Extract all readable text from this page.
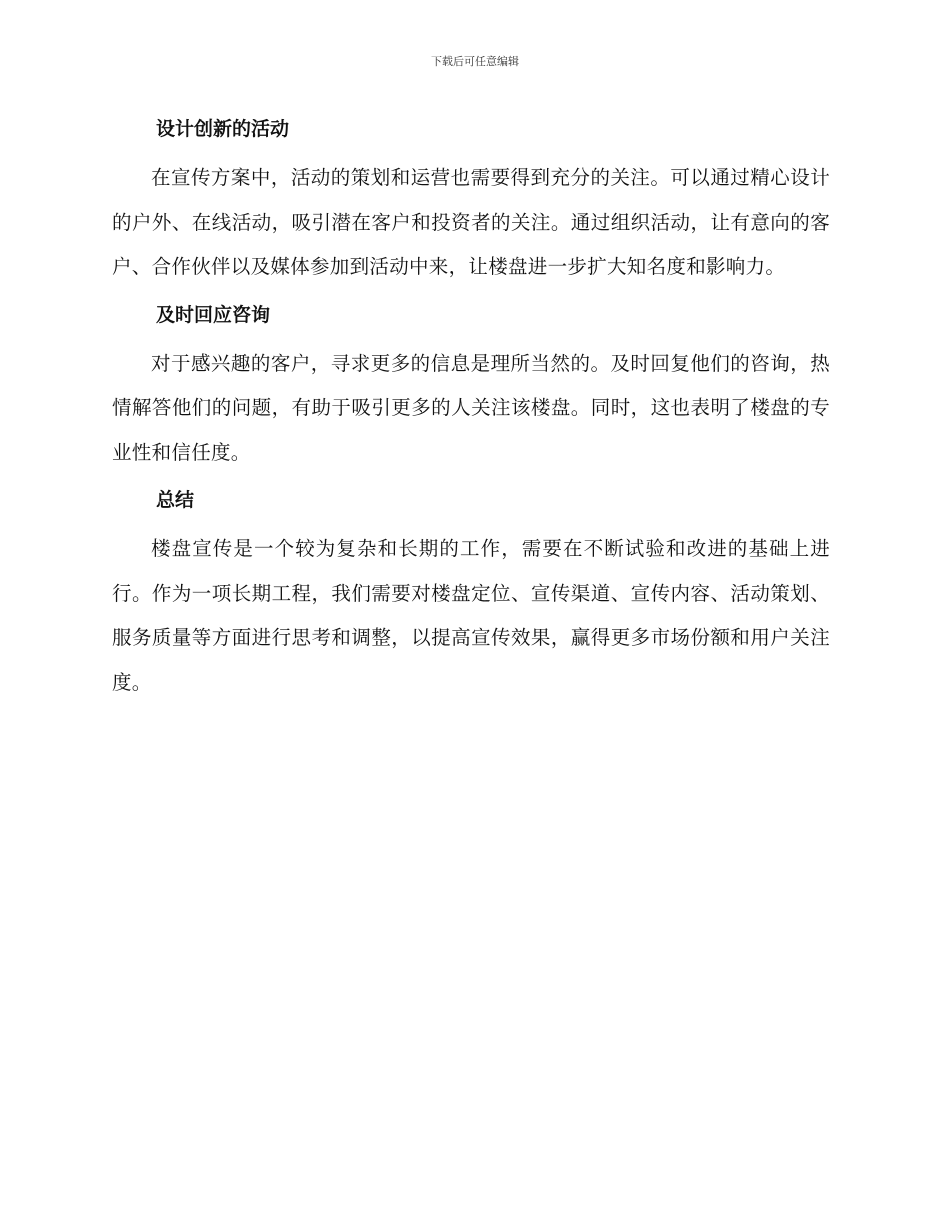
下载后可任意编辑
设计创新的活动

在宣传方案中，活动的策划和运营也需要得到充分的关注。可以通过精心设计的户外、在线活动，吸引潜在客户和投资者的关注。通过组织活动，让有意向的客户、合作伙伴以及媒体参加到活动中来，让楼盘进一步扩大知名度和影响力。

及时回应咨询

对于感兴趣的客户，寻求更多的信息是理所当然的。及时回复他们的咨询，热情解答他们的问题，有助于吸引更多的人关注该楼盘。同时，这也表明了楼盘的专业性和信任度。

总结

楼盘宣传是一个较为复杂和长期的工作，需要在不断试验和改进的基础上进行。作为一项长期工程，我们需要对楼盘定位、宣传渠道、宣传内容、活动策划、服务质量等方面进行思考和调整，以提高宣传效果，赢得更多市场份额和用户关注度。
